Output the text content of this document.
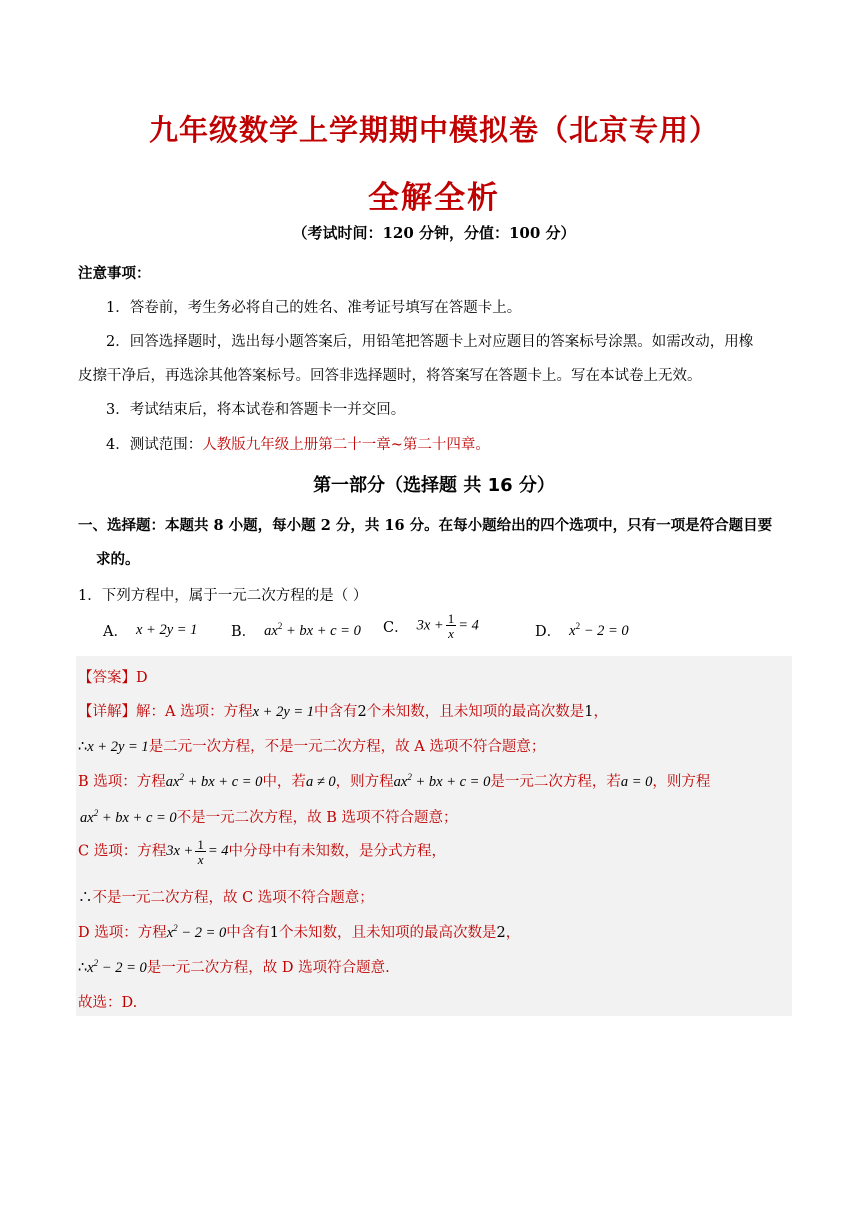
九年级数学上学期期中模拟卷（北京专用）
全解全析
（考试时间：120 分钟，分值：100 分）
注意事项：
1．答卷前，考生务必将自己的姓名、准考证号填写在答题卡上。
2．回答选择题时，选出每小题答案后，用铅笔把答题卡上对应题目的答案标号涂黑。如需改动，用橡
皮擦干净后，再选涂其他答案标号。回答非选择题时，将答案写在答题卡上。写在本试卷上无效。
3．考试结束后，将本试卷和答题卡一并交回。
4．测试范围：人教版九年级上册第二十一章~第二十四章。
第一部分（选择题 共 16 分）
一、选择题：本题共 8 小题，每小题 2 分，共 16 分。在每小题给出的四个选项中，只有一项是符合题目要
求的。
1．下列方程中，属于一元二次方程的是（ ）
A． x + 2y = 1 B． $ax^2$ + bx + c = 0 C． $3x + \frac{1}{x} = 4$	D． $x^2 - 2 = 0$
【答案】D
【详解】解：A 选项：方程x + 2y = 1中含有2个未知数，且未知项的最高次数是1，
∴x + 2y = 1是二元一次方程，不是一元二次方程，故 A 选项不符合题意；
B 选项：方程$ax^2$ + bx + c = 0中，若a ≠ 0，则方程$ax^2$ + bx + c = 0是一元二次方程，若a = 0，则方程
$ax^2$ + bx + c = 0不是一元二次方程，故 B 选项不符合题意；
C 选项：方程$3x + \frac{1}{x} = 4$中分母中有未知数，是分式方程，
∴不是一元二次方程，故 C 选项不符合题意；
D 选项：方程$x^2 - 2 = 0$中含有1个未知数，且未知项的最高次数是2，
$\therefore x^2 - 2 = 0$是一元二次方程，故 D 选项符合题意.
故选：D.
